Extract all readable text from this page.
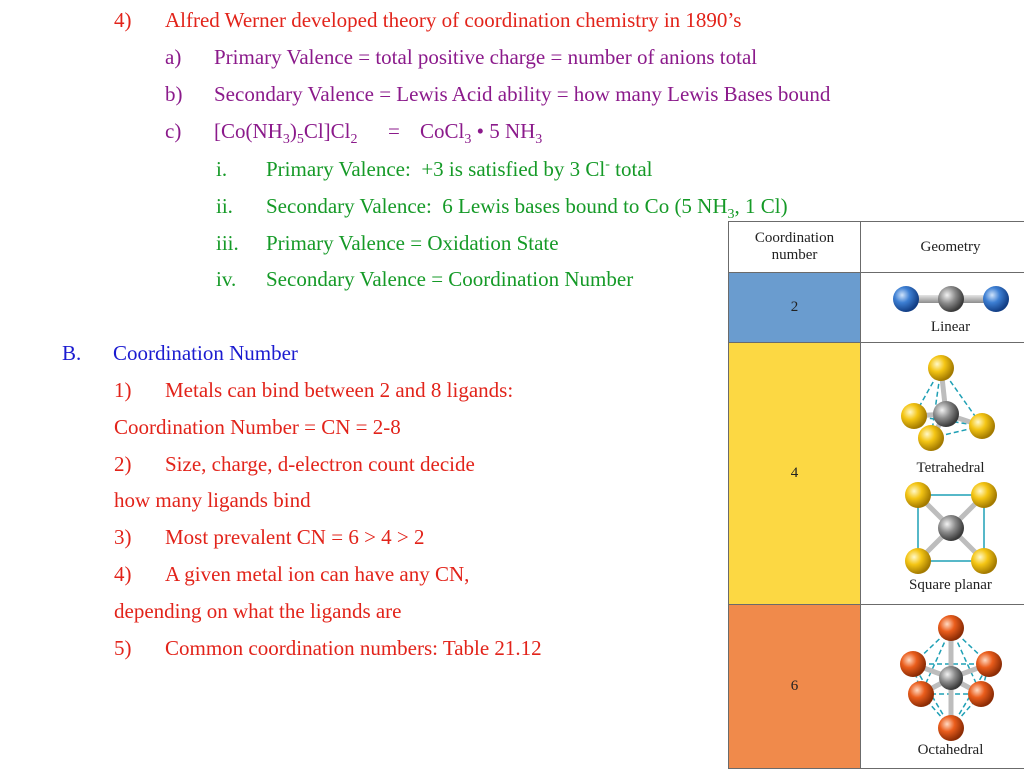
4) Alfred Werner developed theory of coordination chemistry in 1890’s
a) Primary Valence = total positive charge = number of anions total
b) Secondary Valence = Lewis Acid ability = how many Lewis Bases bound
c) $[Co(NH_3)_5Cl]Cl_2$ = CoCl$_3$ • 5 $NH_3$
i. Primary Valence:  +3 is satisfied by 3 Cl- total
ii. Secondary Valence:  6 Lewis bases bound to Co (5 $NH_3$, 1 Cl)
iii. Primary Valence = Oxidation State
iv. Secondary Valence = Coordination Number
B. Coordination Number
1) Metals can bind between 2 and 8 ligands:
Coordination Number = CN = 2-8
2) Size, charge, d-electron count decide
how many ligands bind
3) Most prevalent CN = 6 > 4 > 2
4) A given metal ion can have any CN,
depending on what the ligands are
5) Common coordination numbers: Table 21.12
Coordination number	Geometry
2	Linear

4	Tetrahedral
Square planar

6	Octahedral
